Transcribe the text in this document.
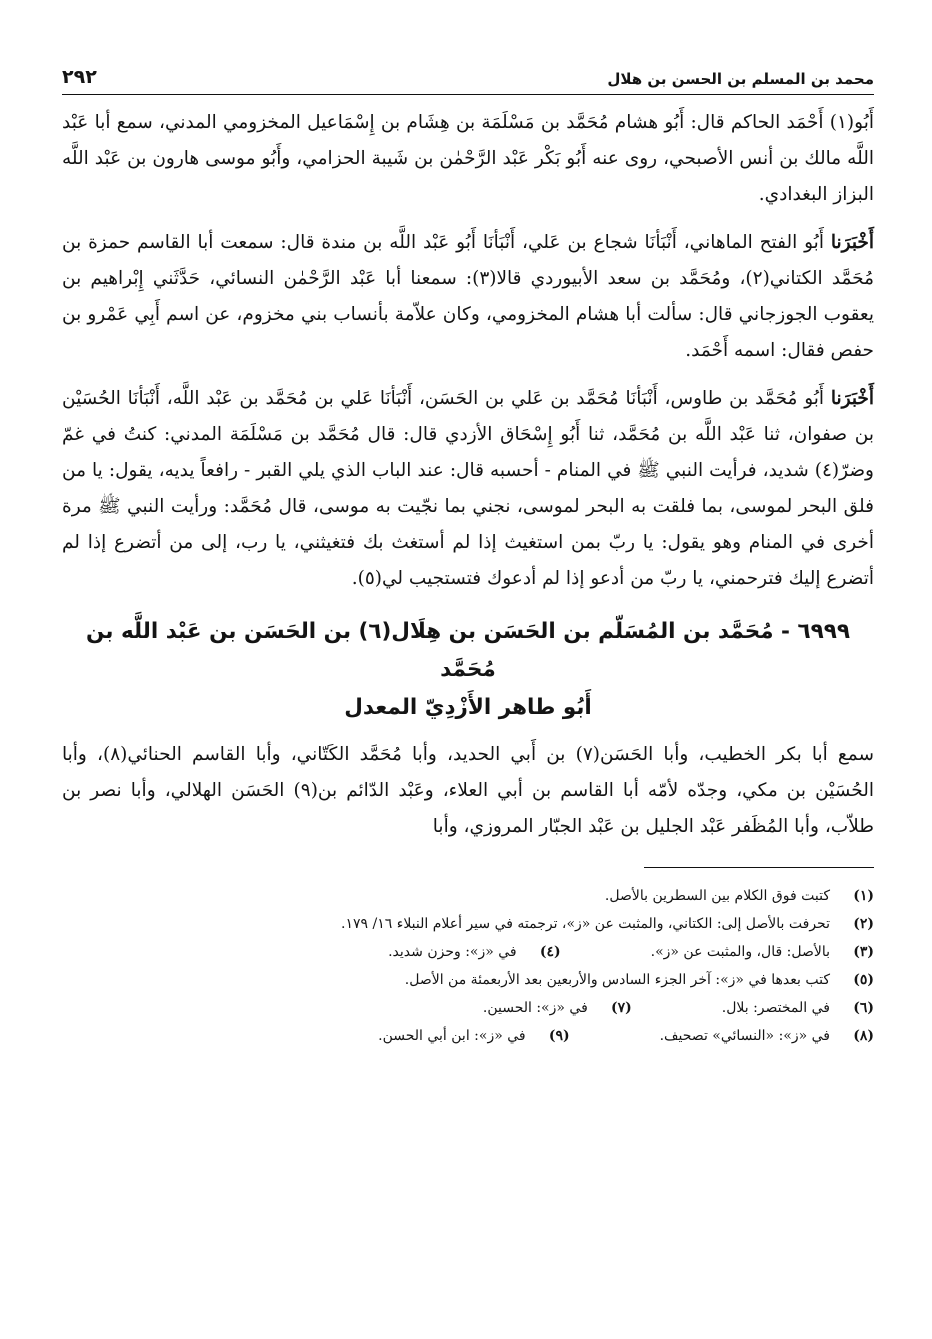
محمد بن المسلم بن الحسن بن هلال
٢٩٢

أَبُو(١) أَحْمَد الحاكم قال: أَبُو هشام مُحَمَّد بن مَسْلَمَة بن هِشَام بن إِسْمَاعيل المخزومي المدني، سمع أبا عَبْد اللَّه مالك بن أنس الأصبحي، روى عنه أَبُو بَكْر عَبْد الرَّحْمٰن بن شَيبة الحزامي، وأَبُو موسى هارون بن عَبْد اللَّه البزاز البغدادي.

أَخْبَرَنا أَبُو الفتح الماهاني، أَنْبَأنَا شجاع بن عَلي، أَنْبَأنَا أَبُو عَبْد اللَّه بن مندة قال: سمعت أبا القاسم حمزة بن مُحَمَّد الكتاني(٢)، ومُحَمَّد بن سعد الأبيوردي قالا(٣): سمعنا أبا عَبْد الرَّحْمٰن النسائي، حَدَّثَني إِبْراهيم بن يعقوب الجوزجاني قال: سألت أبا هشام المخزومي، وكان علاّمة بأنساب بني مخزوم، عن اسم أَبِي عَمْرو بن حفص فقال: اسمه أَحْمَد.

أَخْبَرَنا أَبُو مُحَمَّد بن طاوس، أَنْبَأنَا مُحَمَّد بن عَلي بن الحَسَن، أَنْبَأنَا عَلي بن مُحَمَّد بن عَبْد اللَّه، أَنْبَأنَا الحُسَيْن بن صفوان، ثنا عَبْد اللَّه بن مُحَمَّد، ثنا أَبُو إِسْحَاق الأزدي قال: قال مُحَمَّد بن مَسْلَمَة المدني: كنتُ في غمّ وضرّ(٤) شديد، فرأيت النبي ﷺ في المنام - أحسبه قال: عند الباب الذي يلي القبر - رافعاً يديه، يقول: يا من فلق البحر لموسى، بما فلقت به البحر لموسى، نجني بما نجّيت به موسى، قال مُحَمَّد: ورأيت النبي ﷺ مرة أخرى في المنام وهو يقول: يا ربّ بمن استغيث إذا لم أستغث بك فتغيثني، يا رب، إلى من أتضرع إذا لم أتضرع إليك فترحمني، يا ربّ من أدعو إذا لم أدعوك فتستجيب لي(٥).

٦٩٩٩ - مُحَمَّد بن المُسَلّم بن الحَسَن بن هِلَال(٦) بن الحَسَن بن عَبْد اللَّه بن مُحَمَّد
أَبُو طاهر الأَزْدِيّ المعدل

سمع أبا بكر الخطيب، وأبا الحَسَن(٧) بن أَبي الحديد، وأبا مُحَمَّد الكَتّاني، وأبا القاسم الحنائي(٨)، وأبا الحُسَيْن بن مكي، وجدّه لأمّه أبا القاسم بن أبي العلاء، وعَبْد الدّائم بن(٩) الحَسَن الهلالي، وأبا نصر بن طلاّب، وأبا المُظَفر عَبْد الجليل بن عَبْد الجبّار المروزي، وأبا

(١)
كتبت فوق الكلام بين السطرين بالأصل.
(٢)
تحرفت بالأصل إلى: الكتاني، والمثبت عن «ز»، ترجمته في سير أعلام النبلاء ١٦/ ١٧٩.
(٣)
بالأصل: قال، والمثبت عن «ز».
(٤)
في «ز»: وحزن شديد.
(٥)
كتب بعدها في «ز»: آخر الجزء السادس والأربعين بعد الأربعمئة من الأصل.
(٦)
في المختصر: بلال.
(٧)
في «ز»: الحسين.
(٨)
في «ز»: «النسائي» تصحيف.
(٩)
في «ز»: ابن أبي الحسن.
